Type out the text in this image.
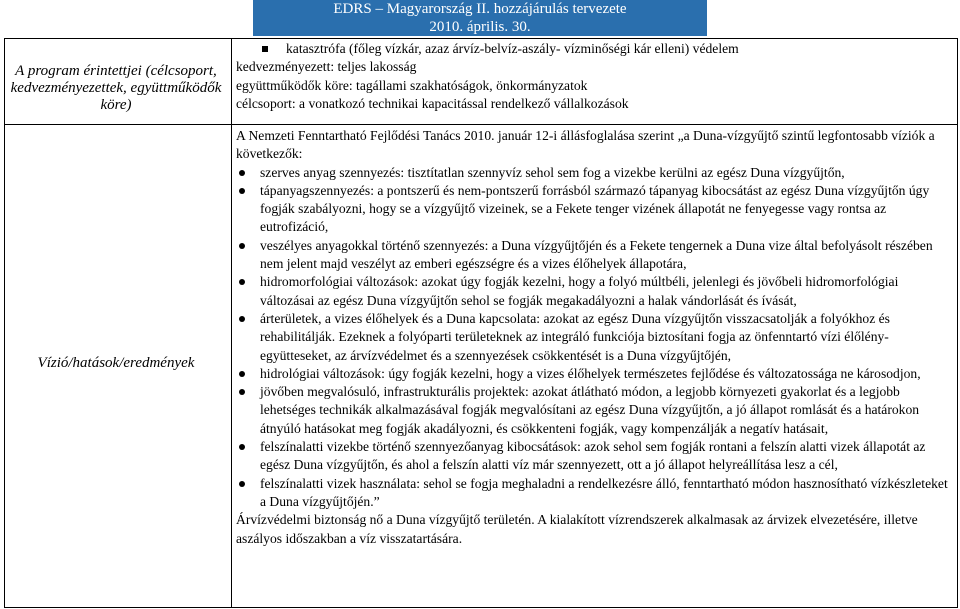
EDRS – Magyarország II. hozzájárulás tervezete
2010. április. 30.
A program érintettjei (célcsoport, kedvezményezettek, együttműködők köre)
katasztrófa (főleg vízkár, azaz árvíz-belvíz-aszály- vízminőségi kár elleni) védelem
kedvezményezett: teljes lakosság
együttműködők köre: tagállami szakhatóságok, önkormányzatok
célcsoport: a vonatkozó technikai kapacitással rendelkező vállalkozások
Vízió/hatások/eredmények

A Nemzeti Fenntartható Fejlődési Tanács 2010. január 12-i állásfoglalása szerint „a Duna-vízgyűjtő szintű legfontosabb víziók a következők:

szerves anyag szennyezés: tisztítatlan szennyvíz sehol sem fog a vizekbe kerülni az egész Duna vízgyűjtőn,
tápanyagszennyezés: a pontszerű és nem-pontszerű forrásból származó tápanyag kibocsátást az egész Duna vízgyűjtőn úgy fogják szabályozni, hogy se a vízgyűjtő vizeinek, se a Fekete tenger vizének állapotát ne fenyegesse vagy rontsa az eutrofizáció,
veszélyes anyagokkal történő szennyezés: a Duna vízgyűjtőjén és a Fekete tengernek a Duna vize által befolyásolt részében nem jelent majd veszélyt az emberi egészségre és a vizes élőhelyek állapotára,
hidromorfológiai változások: azokat úgy fogják kezelni, hogy a folyó múltbéli, jelenlegi és jövőbeli hidromorfológiai változásai az egész Duna vízgyűjtőn sehol se fogják megakadályozni a halak vándorlását és ívását,
árterületek, a vizes élőhelyek és a Duna kapcsolata: azokat az egész Duna vízgyűjtőn visszacsatolják a folyókhoz és rehabilitálják. Ezeknek a folyóparti területeknek az integráló funkciója biztosítani fogja az önfenntartó vízi élőlény-együtteseket, az árvízvédelmet és a szennyezések csökkentését is a Duna vízgyűjtőjén,
hidrológiai változások: úgy fogják kezelni, hogy a vizes élőhelyek természetes fejlődése és változatossága ne károsodjon,
jövőben megvalósuló, infrastrukturális projektek: azokat átlátható módon, a legjobb környezeti gyakorlat és a legjobb lehetséges technikák alkalmazásával fogják megvalósítani az egész Duna vízgyűjtőn, a jó állapot romlását és a határokon átnyúló hatásokat meg fogják akadályozni, és csökkenteni fogják, vagy kompenzálják a negatív hatásait,
felszínalatti vizekbe történő szennyezőanyag kibocsátások: azok sehol sem fogják rontani a felszín alatti vizek állapotát az egész Duna vízgyűjtőn, és ahol a felszín alatti víz már szennyezett, ott a jó állapot helyreállítása lesz a cél,
felszínalatti vizek használata: sehol se fogja meghaladni a rendelkezésre álló, fenntartható módon hasznosítható vízkészleteket a Duna vízgyűjtőjén.”

Árvízvédelmi biztonság nő a Duna vízgyűjtő területén. A kialakított vízrendszerek alkalmasak az árvizek elvezetésére, illetve aszályos időszakban a víz visszatartására.
